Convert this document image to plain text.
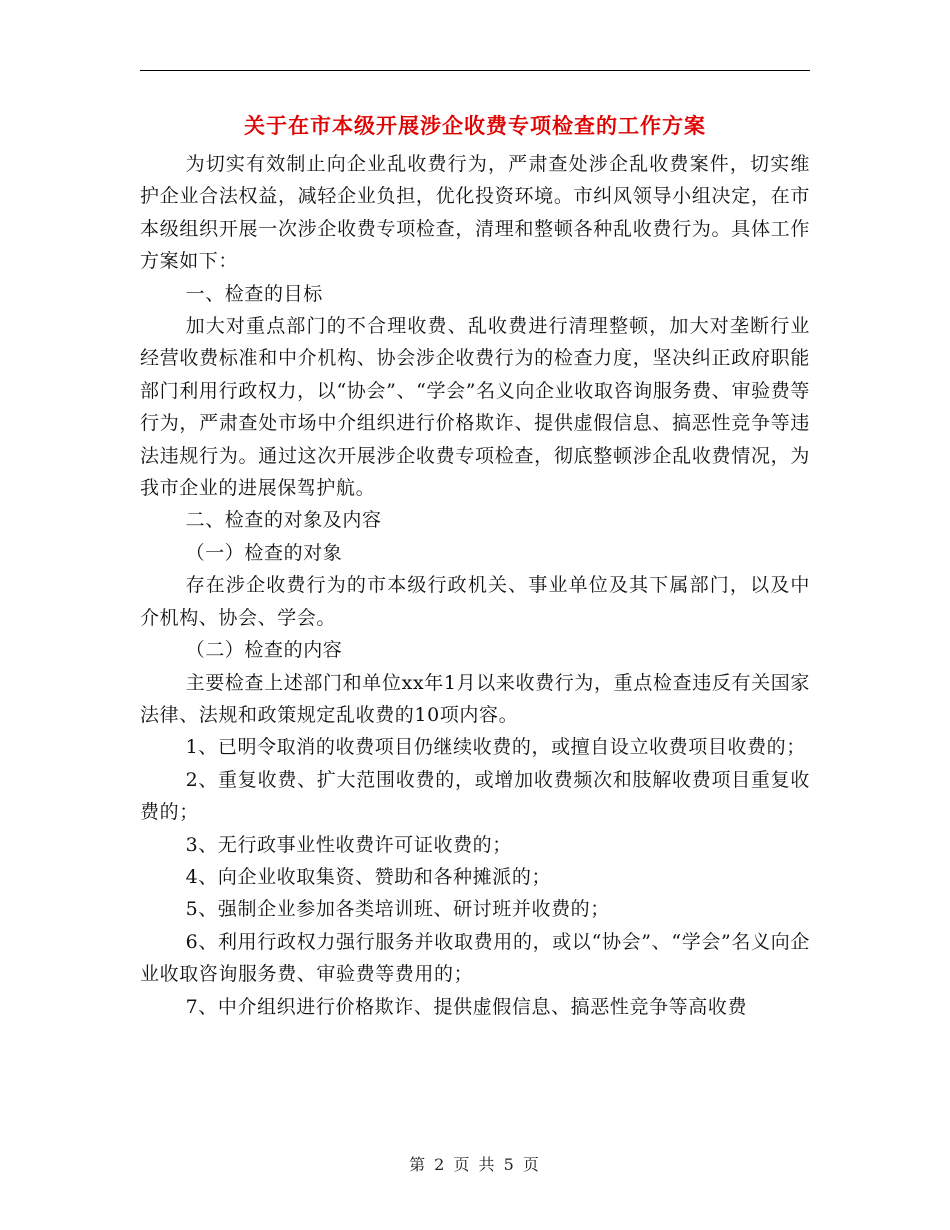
关于在市本级开展涉企收费专项检查的工作方案

为切实有效制止向企业乱收费行为，严肃查处涉企乱收费案件，切实维护企业合法权益，减轻企业负担，优化投资环境。市纠风领导小组决定，在市本级组织开展一次涉企收费专项检查，清理和整顿各种乱收费行为。具体工作方案如下：

一、检查的目标

加大对重点部门的不合理收费、乱收费进行清理整顿，加大对垄断行业经营收费标准和中介机构、协会涉企收费行为的检查力度，坚决纠正政府职能部门利用行政权力，以“协会”、“学会”名义向企业收取咨询服务费、审验费等行为，严肃查处市场中介组织进行价格欺诈、提供虚假信息、搞恶性竞争等违法违规行为。通过这次开展涉企收费专项检查，彻底整顿涉企乱收费情况，为我市企业的进展保驾护航。

二、检查的对象及内容

（一）检查的对象

存在涉企收费行为的市本级行政机关、事业单位及其下属部门，以及中介机构、协会、学会。

（二）检查的内容

主要检查上述部门和单位xx年1月以来收费行为，重点检查违反有关国家法律、法规和政策规定乱收费的10项内容。

1、已明令取消的收费项目仍继续收费的，或擅自设立收费项目收费的；

2、重复收费、扩大范围收费的，或增加收费频次和肢解收费项目重复收费的；

3、无行政事业性收费许可证收费的；

4、向企业收取集资、赞助和各种摊派的；

5、强制企业参加各类培训班、研讨班并收费的；

6、利用行政权力强行服务并收取费用的，或以“协会”、“学会”名义向企业收取咨询服务费、审验费等费用的；

7、中介组织进行价格欺诈、提供虚假信息、搞恶性竞争等高收费

第 2 页 共 5 页
